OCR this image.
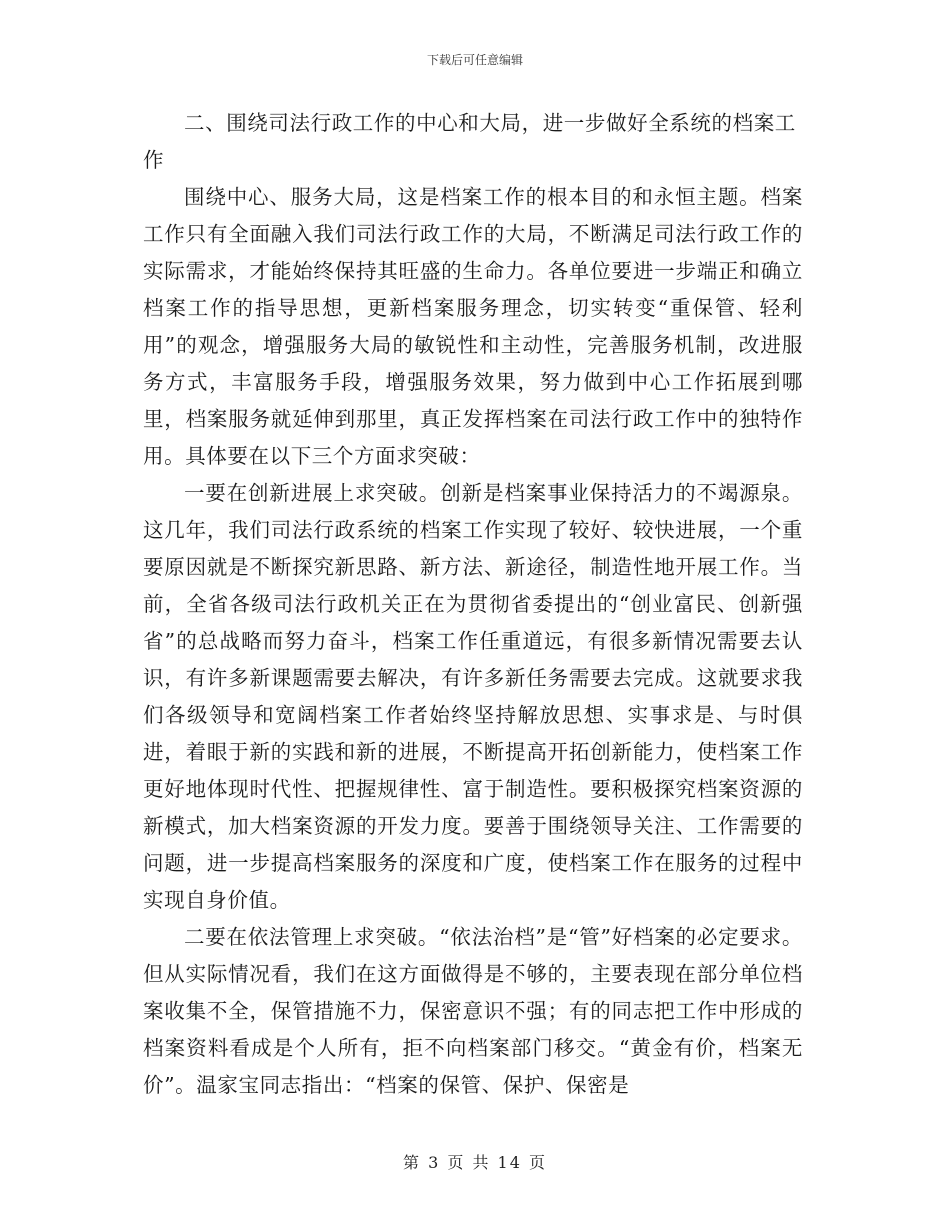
下载后可任意编辑

二、围绕司法行政工作的中心和大局，进一步做好全系统的档案工作

围绕中心、服务大局，这是档案工作的根本目的和永恒主题。档案工作只有全面融入我们司法行政工作的大局，不断满足司法行政工作的实际需求，才能始终保持其旺盛的生命力。各单位要进一步端正和确立档案工作的指导思想，更新档案服务理念，切实转变“重保管、轻利用”的观念，增强服务大局的敏锐性和主动性，完善服务机制，改进服务方式，丰富服务手段，增强服务效果，努力做到中心工作拓展到哪里，档案服务就延伸到那里，真正发挥档案在司法行政工作中的独特作用。具体要在以下三个方面求突破：

一要在创新进展上求突破。创新是档案事业保持活力的不竭源泉。这几年，我们司法行政系统的档案工作实现了较好、较快进展，一个重要原因就是不断探究新思路、新方法、新途径，制造性地开展工作。当前，全省各级司法行政机关正在为贯彻省委提出的“创业富民、创新强省”的总战略而努力奋斗，档案工作任重道远，有很多新情况需要去认识，有许多新课题需要去解决，有许多新任务需要去完成。这就要求我们各级领导和宽阔档案工作者始终坚持解放思想、实事求是、与时俱进，着眼于新的实践和新的进展，不断提高开拓创新能力，使档案工作更好地体现时代性、把握规律性、富于制造性。要积极探究档案资源的新模式，加大档案资源的开发力度。要善于围绕领导关注、工作需要的问题，进一步提高档案服务的深度和广度，使档案工作在服务的过程中实现自身价值。

二要在依法管理上求突破。“依法治档”是“管”好档案的必定要求。但从实际情况看，我们在这方面做得是不够的，主要表现在部分单位档案收集不全，保管措施不力，保密意识不强；有的同志把工作中形成的档案资料看成是个人所有，拒不向档案部门移交。“黄金有价，档案无价”。温家宝同志指出：“档案的保管、保护、保密是

第 3 页 共 14 页
